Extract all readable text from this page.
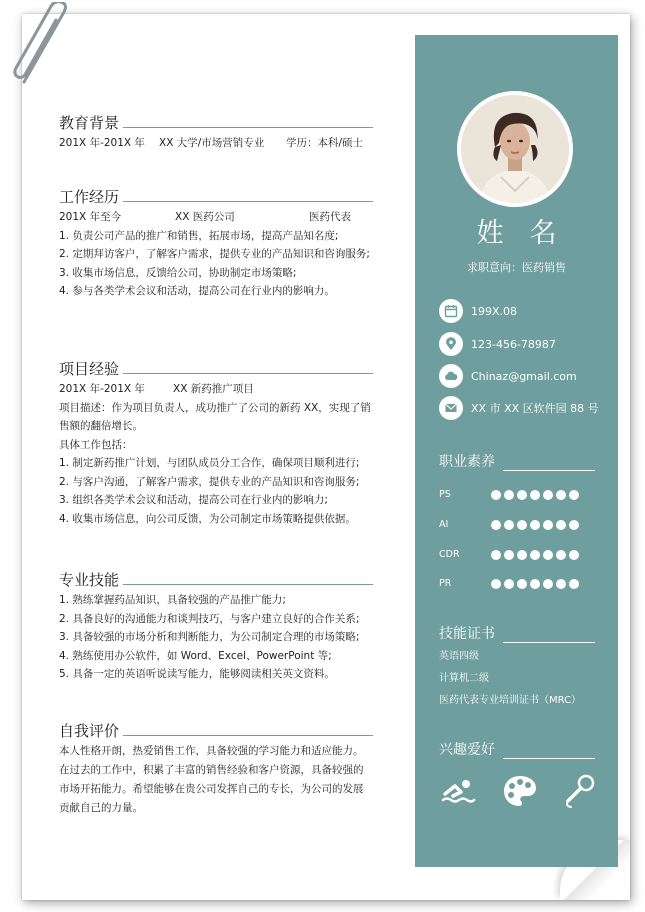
教育背景
201X 年-201X 年	XX 大学/市场营销专业	学历：本科/硕士
工作经历
201X 年至今	XX 医药公司	医药代表
1. 负责公司产品的推广和销售，拓展市场，提高产品知名度;
2. 定期拜访客户，了解客户需求，提供专业的产品知识和咨询服务;
3. 收集市场信息，反馈给公司，协助制定市场策略;
4. 参与各类学术会议和活动，提高公司在行业内的影响力。
项目经验
201X 年-201X 年	XX 新药推广项目
项目描述：作为项目负责人，成功推广了公司的新药 XX，实现了销售额的翻倍增长。
具体工作包括：
1. 制定新药推广计划，与团队成员分工合作，确保项目顺利进行;
2. 与客户沟通，了解客户需求，提供专业的产品知识和咨询服务;
3. 组织各类学术会议和活动，提高公司在行业内的影响力;
4. 收集市场信息，向公司反馈，为公司制定市场策略提供依据。
专业技能
1. 熟练掌握药品知识，具备较强的产品推广能力;
2. 具备良好的沟通能力和谈判技巧，与客户建立良好的合作关系;
3. 具备较强的市场分析和判断能力，为公司制定合理的市场策略;
4. 熟练使用办公软件，如 Word、Excel、PowerPoint 等;
5. 具备一定的英语听说读写能力，能够阅读相关英文资料。
自我评价
本人性格开朗，热爱销售工作，具备较强的学习能力和适应能力。在过去的工作中，积累了丰富的销售经验和客户资源，具备较强的市场开拓能力。希望能够在贵公司发挥自己的专长，为公司的发展贡献自己的力量。
姓名
求职意向：医药销售
199X.08
123-456-78987
Chinaz@gmail.com
XX 市 XX 区软件园 88 号
职业素养
PS
AI
CDR
PR
技能证书
英语四级
计算机二级
医药代表专业培训证书（MRC）
兴趣爱好
